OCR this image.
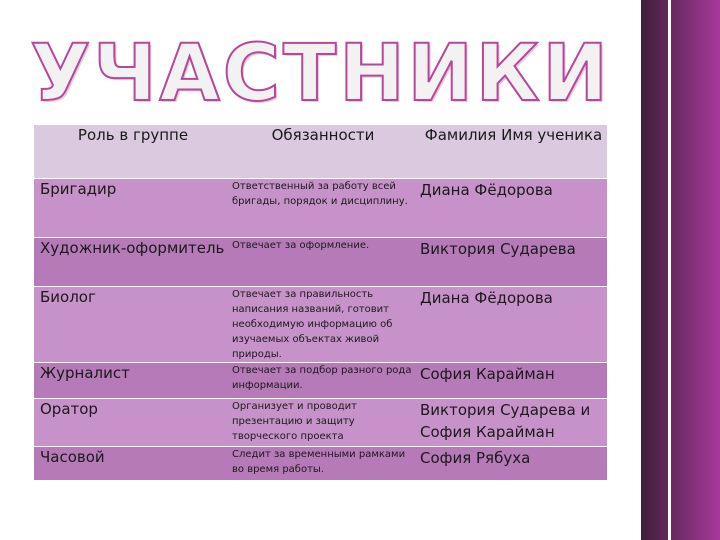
УЧАСТНИКИ
Роль в группе	Обязанности	Фамилия Имя ученика
Бригадир	Ответственный за работу всей бригады, порядок и дисциплину.	Диана Фёдорова
Художник-оформитель	Отвечает за оформление.	Виктория Сударева
Биолог	Отвечает за правильность написания названий, готовит необходимую информацию об изучаемых объектах живой природы.	Диана Фёдорова
Журналист	Отвечает за подбор разного рода информации.	София Карайман
Оратор	Организует и проводит презентацию и защиту творческого проекта	Виктория Сударева и София Карайман
Часовой	Следит за временными рамками во время работы.	София Рябуха
